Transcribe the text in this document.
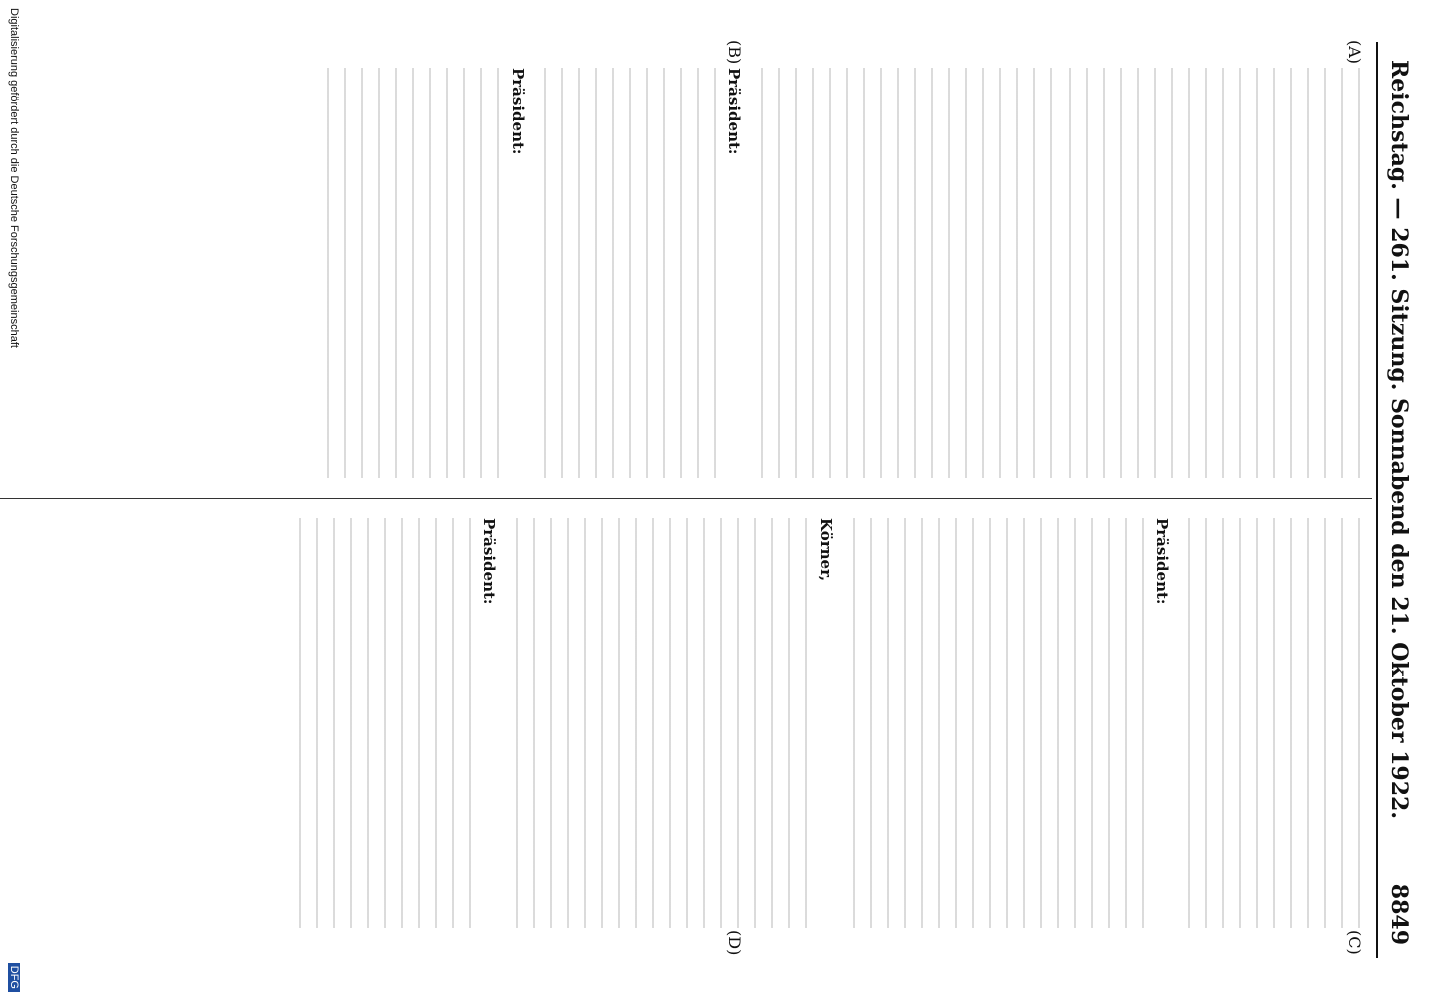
Reichstag. — 261. Sitzung. Sonnabend den 21. Oktober 1922.
8849
(A)
(B)
(C)
(D)
Präsident:
Präsident:
Präsident:
Körner,
Präsident:
Digitalisierung gefördert durch die Deutsche Forschungsgemeinschaft
DFG
